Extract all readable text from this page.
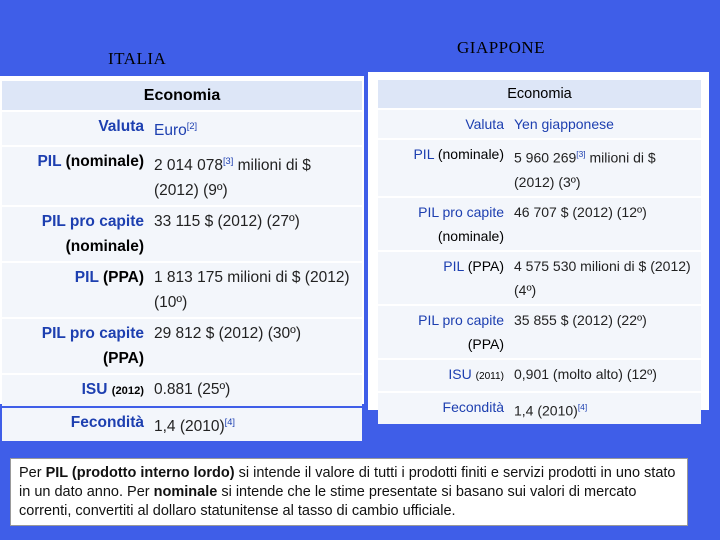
ITALIA
GIAPPONE
Economia	
Valuta	Euro[2]
PIL (nominale)	2 014 078[3] milioni di $ (2012) (9º)
PIL pro capite (nominale)	33 115 $ (2012) (27º)
PIL (PPA)	1 813 175 milioni di $ (2012) (10º)
PIL pro capite (PPA)	29 812 $ (2012) (30º)
ISU (2012)	0.881 (25º)
Fecondità	1,4 (2010)[4]
Economia	
Valuta	Yen giapponese
PIL (nominale)	5 960 269[3] milioni di $ (2012) (3º)
PIL pro capite (nominale)	46 707 $ (2012) (12º)
PIL (PPA)	4 575 530 milioni di $ (2012) (4º)
PIL pro capite (PPA)	35 855 $ (2012) (22º)
ISU (2011)	0,901 (molto alto) (12º)
Fecondità	1,4 (2010)[4]
Per PIL (prodotto interno lordo) si intende il valore di tutti i prodotti finiti e servizi prodotti in uno stato in un dato anno. Per nominale si intende che le stime presentate si basano sui valori di mercato correnti, convertiti al dollaro statunitense al tasso di cambio ufficiale.
